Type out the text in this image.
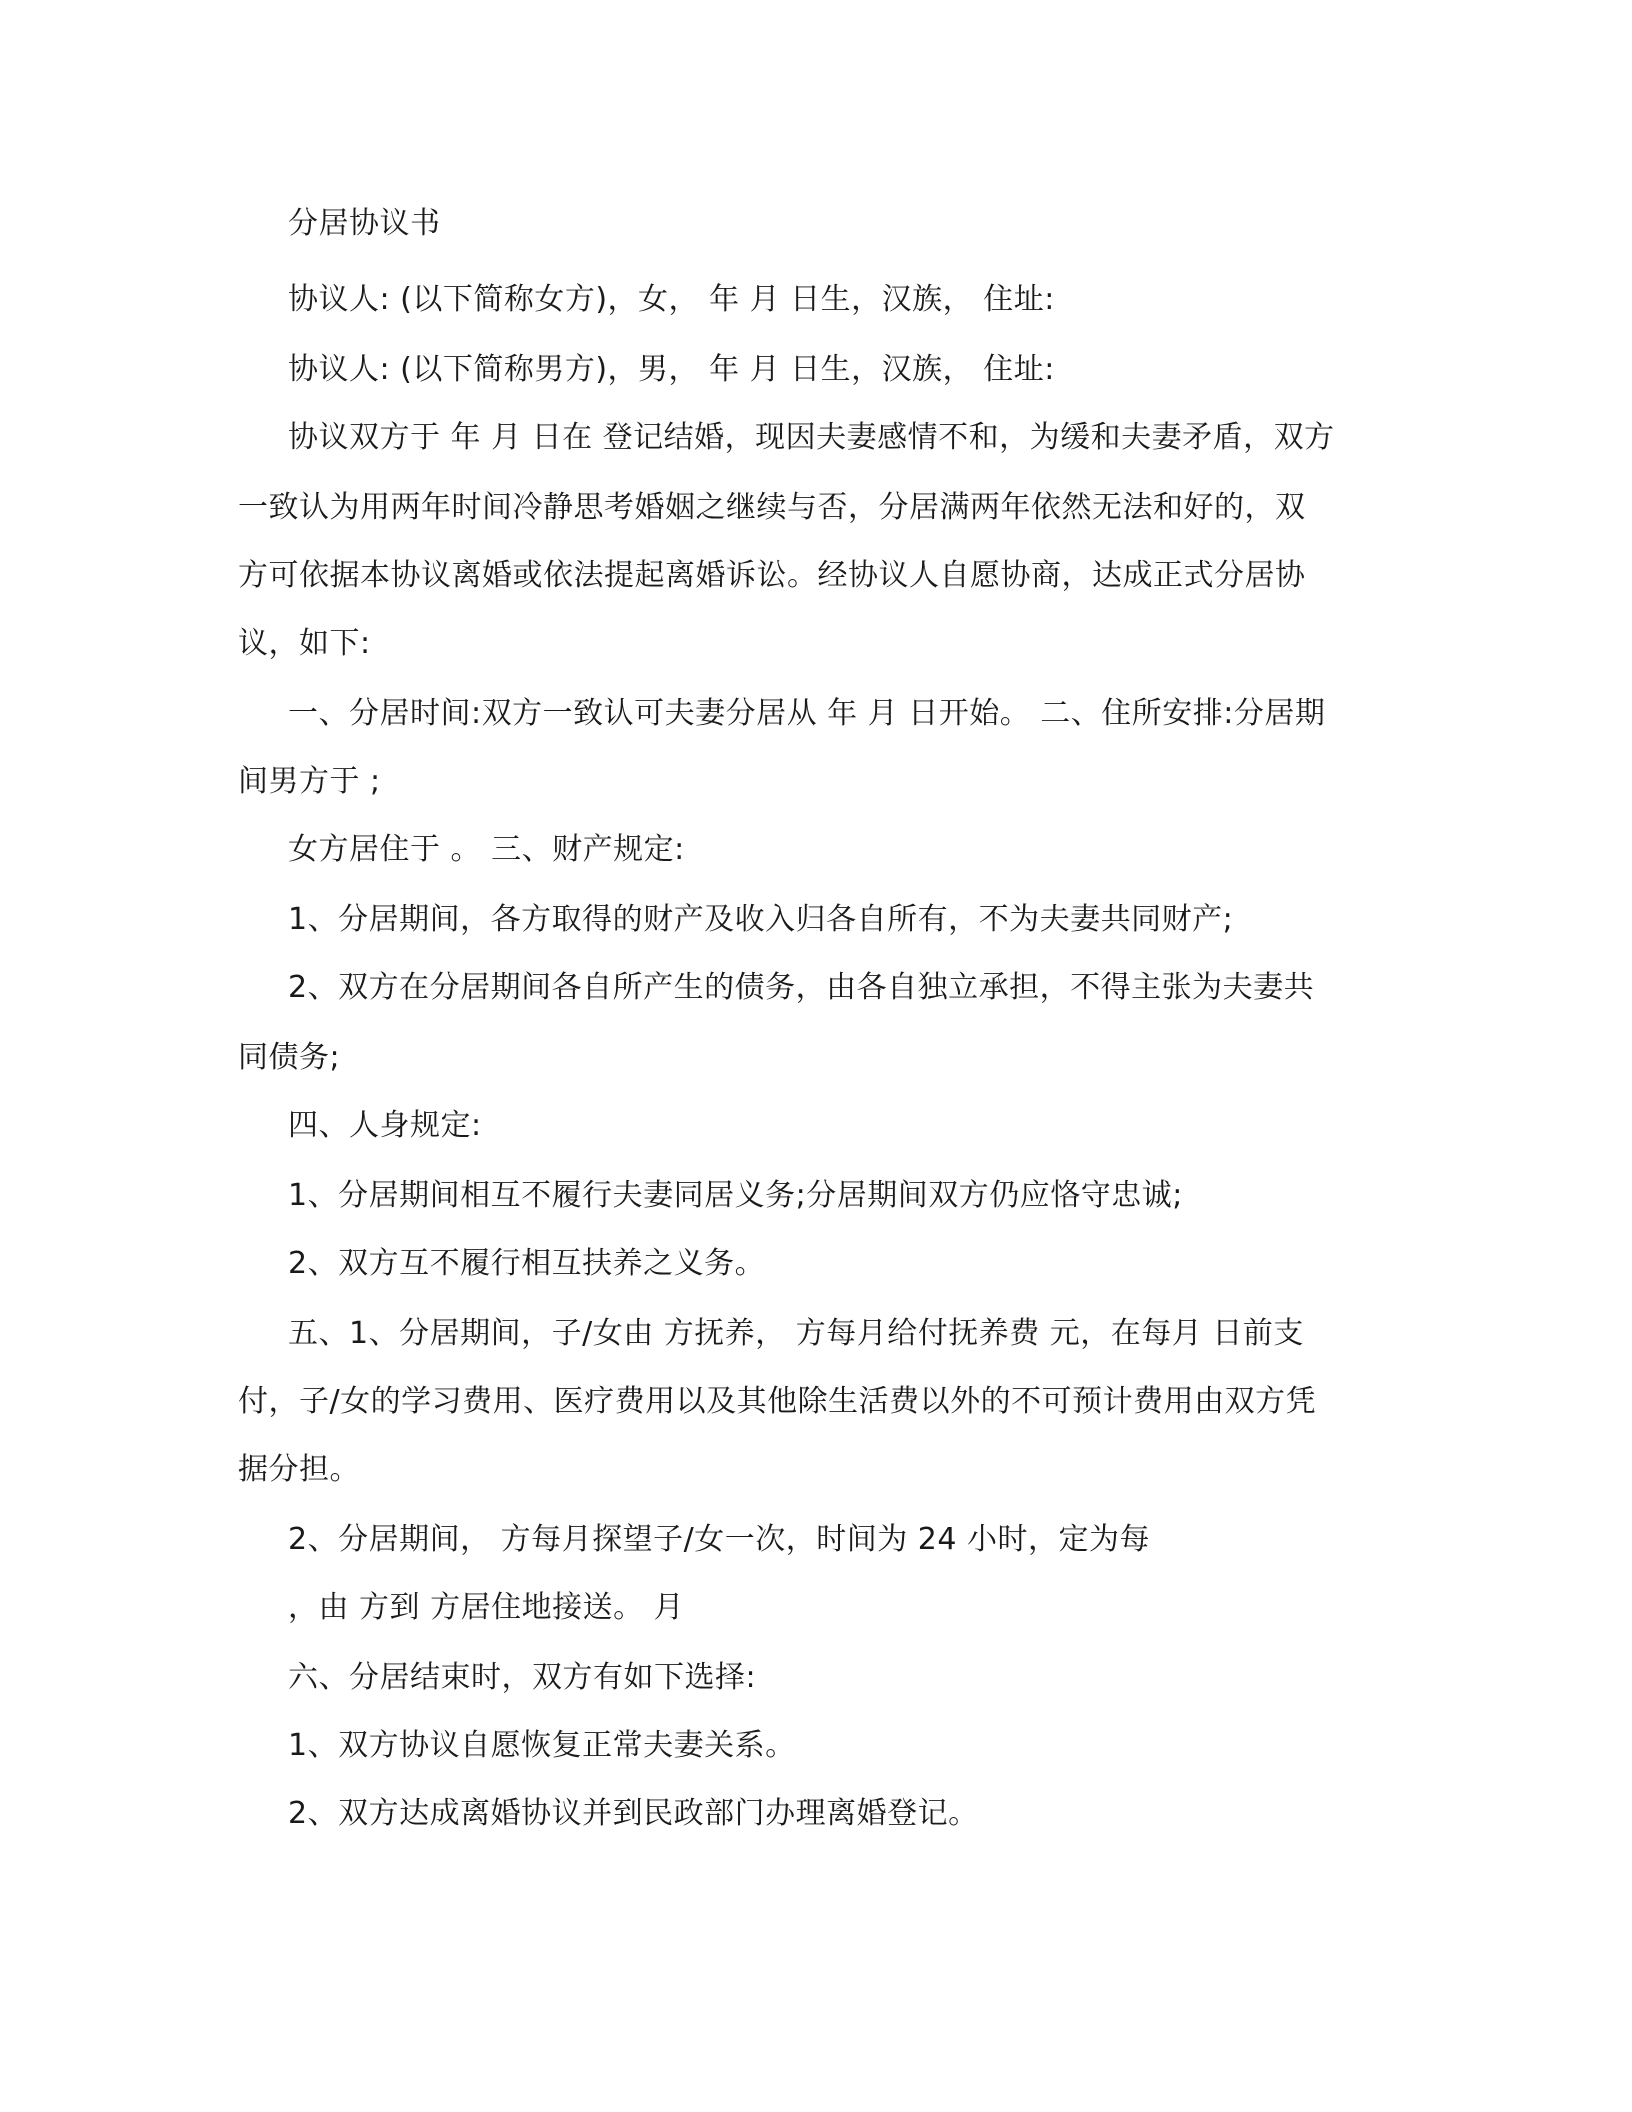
分居协议书
协议人: (以下简称女方)，女， 年 月 日生，汉族， 住址:
协议人: (以下简称男方)，男， 年 月 日生，汉族， 住址:
协议双方于 年 月 日在 登记结婚，现因夫妻感情不和，为缓和夫妻矛盾，双方
一致认为用两年时间冷静思考婚姻之继续与否，分居满两年依然无法和好的，双
方可依据本协议离婚或依法提起离婚诉讼。经协议人自愿协商，达成正式分居协
议，如下:
一、分居时间:双方一致认可夫妻分居从 年 月 日开始。 二、住所安排:分居期
间男方于 ;
女方居住于 。 三、财产规定:
1、分居期间，各方取得的财产及收入归各自所有，不为夫妻共同财产;
2、双方在分居期间各自所产生的债务，由各自独立承担，不得主张为夫妻共
同债务;
四、人身规定:
1、分居期间相互不履行夫妻同居义务;分居期间双方仍应恪守忠诚;
2、双方互不履行相互扶养之义务。
五、1、分居期间，子/女由 方抚养， 方每月给付抚养费 元，在每月 日前支
付，子/女的学习费用、医疗费用以及其他除生活费以外的不可预计费用由双方凭
据分担。
2、分居期间， 方每月探望子/女一次，时间为 24 小时，定为每
，由 方到 方居住地接送。 月
六、分居结束时，双方有如下选择:
1、双方协议自愿恢复正常夫妻关系。
2、双方达成离婚协议并到民政部门办理离婚登记。
